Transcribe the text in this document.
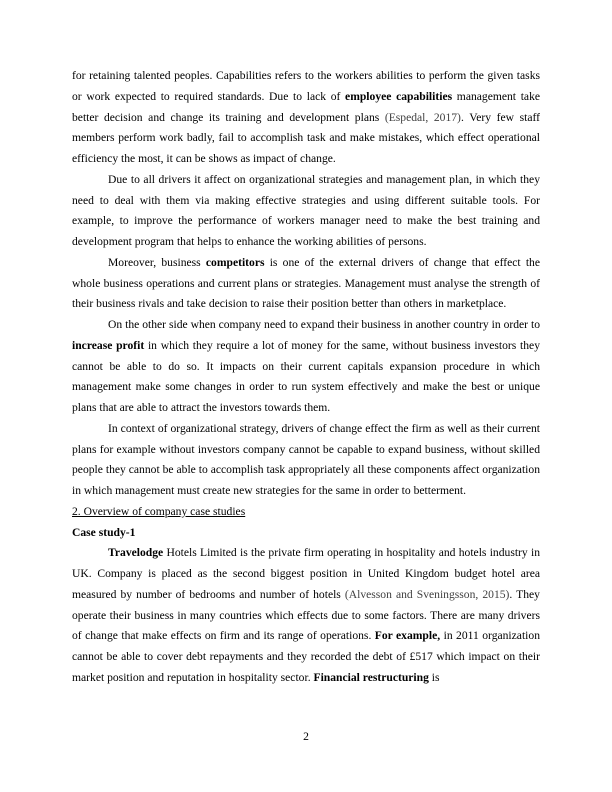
for retaining talented peoples. Capabilities refers to the workers abilities to perform the given tasks or work expected to required standards. Due to lack of employee capabilities management take better decision and change its training and development plans (Espedal, 2017). Very few staff members perform work badly, fail to accomplish task and make mistakes, which effect operational efficiency the most, it can be shows as impact of change.

Due to all drivers it affect on organizational strategies and management plan, in which they need to deal with them via making effective strategies and using different suitable tools. For example, to improve the performance of workers manager need to make the best training and development program that helps to enhance the working abilities of persons.

Moreover, business competitors is one of the external drivers of change that effect the whole business operations and current plans or strategies. Management must analyse the strength of their business rivals and take decision to raise their position better than others in marketplace.

On the other side when company need to expand their business in another country in order to increase profit in which they require a lot of money for the same, without business investors they cannot be able to do so. It impacts on their current capitals expansion procedure in which management make some changes in order to run system effectively and make the best or unique plans that are able to attract the investors towards them.

In context of organizational strategy, drivers of change effect the firm as well as their current plans for example without investors company cannot be capable to expand business, without skilled people they cannot be able to accomplish task appropriately all these components affect organization in which management must create new strategies for the same in order to betterment.

2. Overview of company case studies

Case study-1

Travelodge Hotels Limited is the private firm operating in hospitality and hotels industry in UK. Company is placed as the second biggest position in United Kingdom budget hotel area measured by number of bedrooms and number of hotels (Alvesson and Sveningsson, 2015). They operate their business in many countries which effects due to some factors. There are many drivers of change that make effects on firm and its range of operations. For example, in 2011 organization cannot be able to cover debt repayments and they recorded the debt of £517 which impact on their market position and reputation in hospitality sector. Financial restructuring is

2
